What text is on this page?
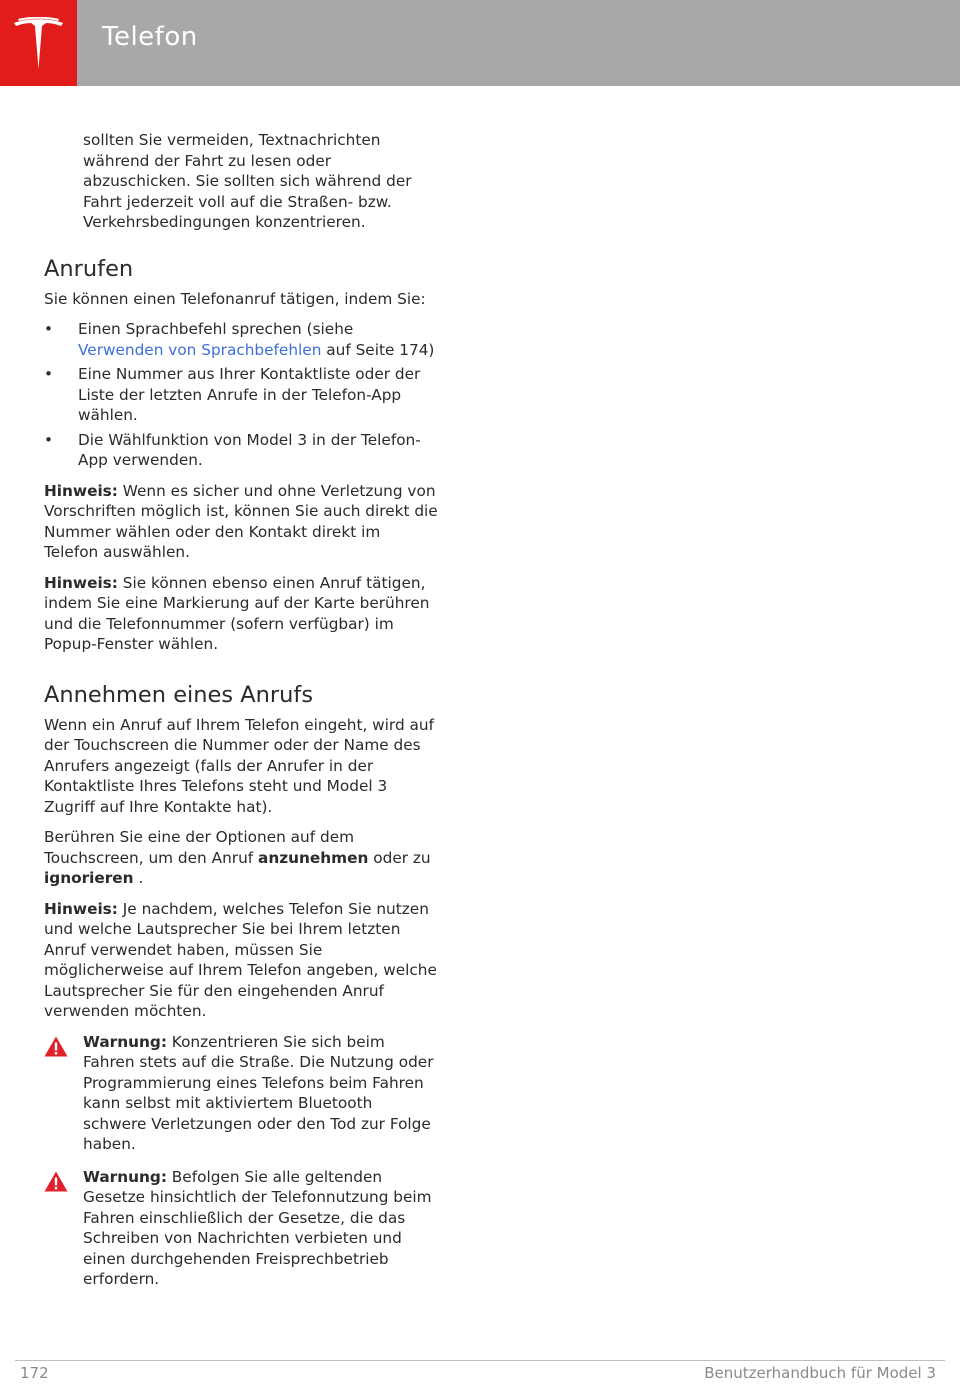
Telefon

sollten Sie vermeiden, Textnachrichten während der Fahrt zu lesen oder abzuschicken. Sie sollten sich während der Fahrt jederzeit voll auf die Straßen- bzw. Verkehrsbedingungen konzentrieren.

Anrufen

Sie können einen Telefonanruf tätigen, indem Sie:

• Einen Sprachbefehl sprechen (siehe Verwenden von Sprachbefehlen auf Seite 174)
• Eine Nummer aus Ihrer Kontaktliste oder der Liste der letzten Anrufe in der Telefon-App wählen.
• Die Wählfunktion von Model 3 in der Telefon-App verwenden.

Hinweis: Wenn es sicher und ohne Verletzung von Vorschriften möglich ist, können Sie auch direkt die Nummer wählen oder den Kontakt direkt im Telefon auswählen.

Hinweis: Sie können ebenso einen Anruf tätigen, indem Sie eine Markierung auf der Karte berühren und die Telefonnummer (sofern verfügbar) im Popup-Fenster wählen.

Annehmen eines Anrufs

Wenn ein Anruf auf Ihrem Telefon eingeht, wird auf der Touchscreen die Nummer oder der Name des Anrufers angezeigt (falls der Anrufer in der Kontaktliste Ihres Telefons steht und Model 3 Zugriff auf Ihre Kontakte hat).

Berühren Sie eine der Optionen auf dem Touchscreen, um den Anruf anzunehmen oder zu ignorieren .

Hinweis: Je nachdem, welches Telefon Sie nutzen und welche Lautsprecher Sie bei Ihrem letzten Anruf verwendet haben, müssen Sie möglicherweise auf Ihrem Telefon angeben, welche Lautsprecher Sie für den eingehenden Anruf verwenden möchten.

Warnung: Konzentrieren Sie sich beim Fahren stets auf die Straße. Die Nutzung oder Programmierung eines Telefons beim Fahren kann selbst mit aktiviertem Bluetooth schwere Verletzungen oder den Tod zur Folge haben.
Warnung: Befolgen Sie alle geltenden Gesetze hinsichtlich der Telefonnutzung beim Fahren einschließlich der Gesetze, die das Schreiben von Nachrichten verbieten und einen durchgehenden Freisprechbetrieb erfordern.
172	Benutzerhandbuch für Model 3
